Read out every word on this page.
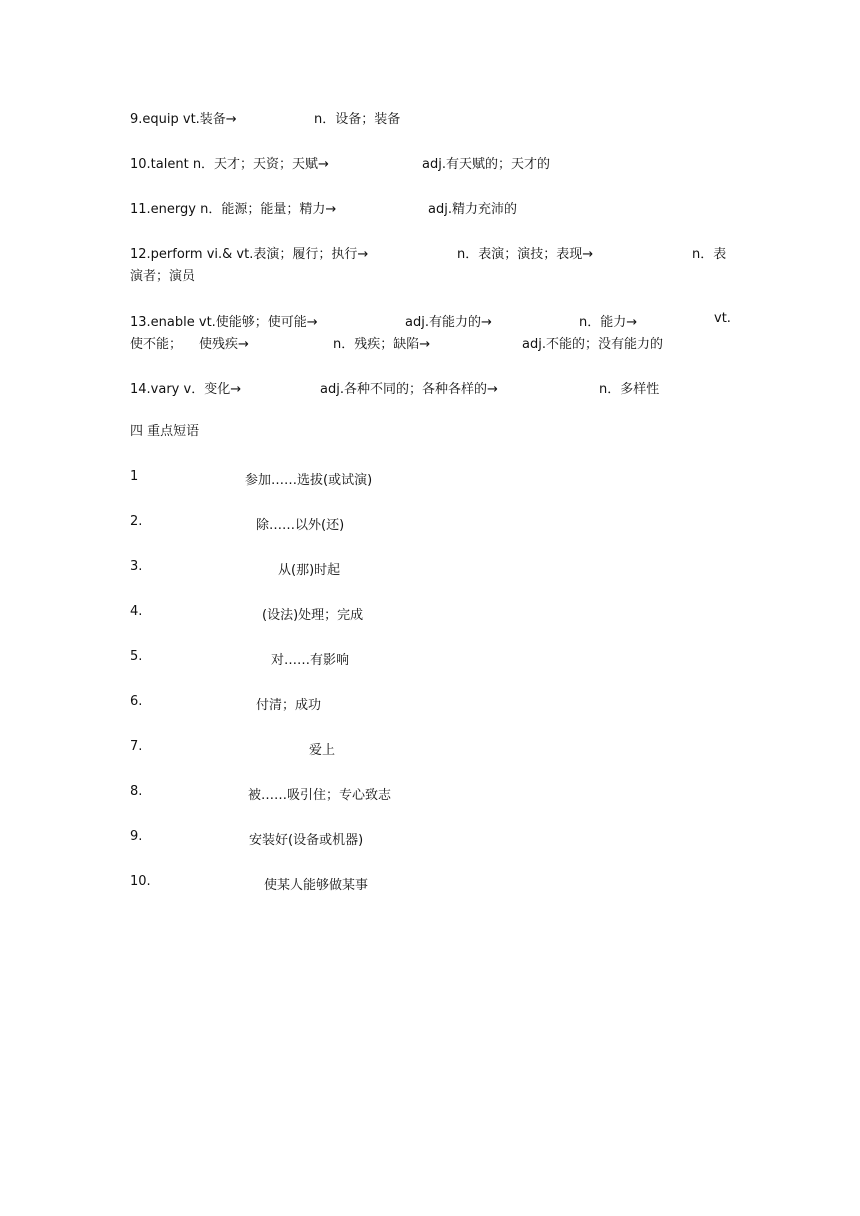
9.equip vt.装备→	n．设备；装备
10.talent n．天才；天资；天赋→	adj.有天赋的；天才的
11.energy n．能源；能量；精力→	adj.精力充沛的
12.perform vi.& vt.表演；履行；执行→	n．表演；演技；表现→	n．表
演者；演员
13.enable vt.使能够；使可能→	adj.有能力的→	n．能力→	vt.
使不能； 使残疾→	n．残疾；缺陷→	adj.不能的；没有能力的
14.vary v．变化→	adj.各种不同的；各种各样的→	n．多样性
四 重点短语
1	参加……选拔(或试演)
2.	除……以外(还)
3.	从(那)时起
4.	(设法)处理；完成
5.	对……有影响
6.	付清；成功
7.	爱上
8.	被……吸引住；专心致志
9.	安装好(设备或机器)
10.	使某人能够做某事
